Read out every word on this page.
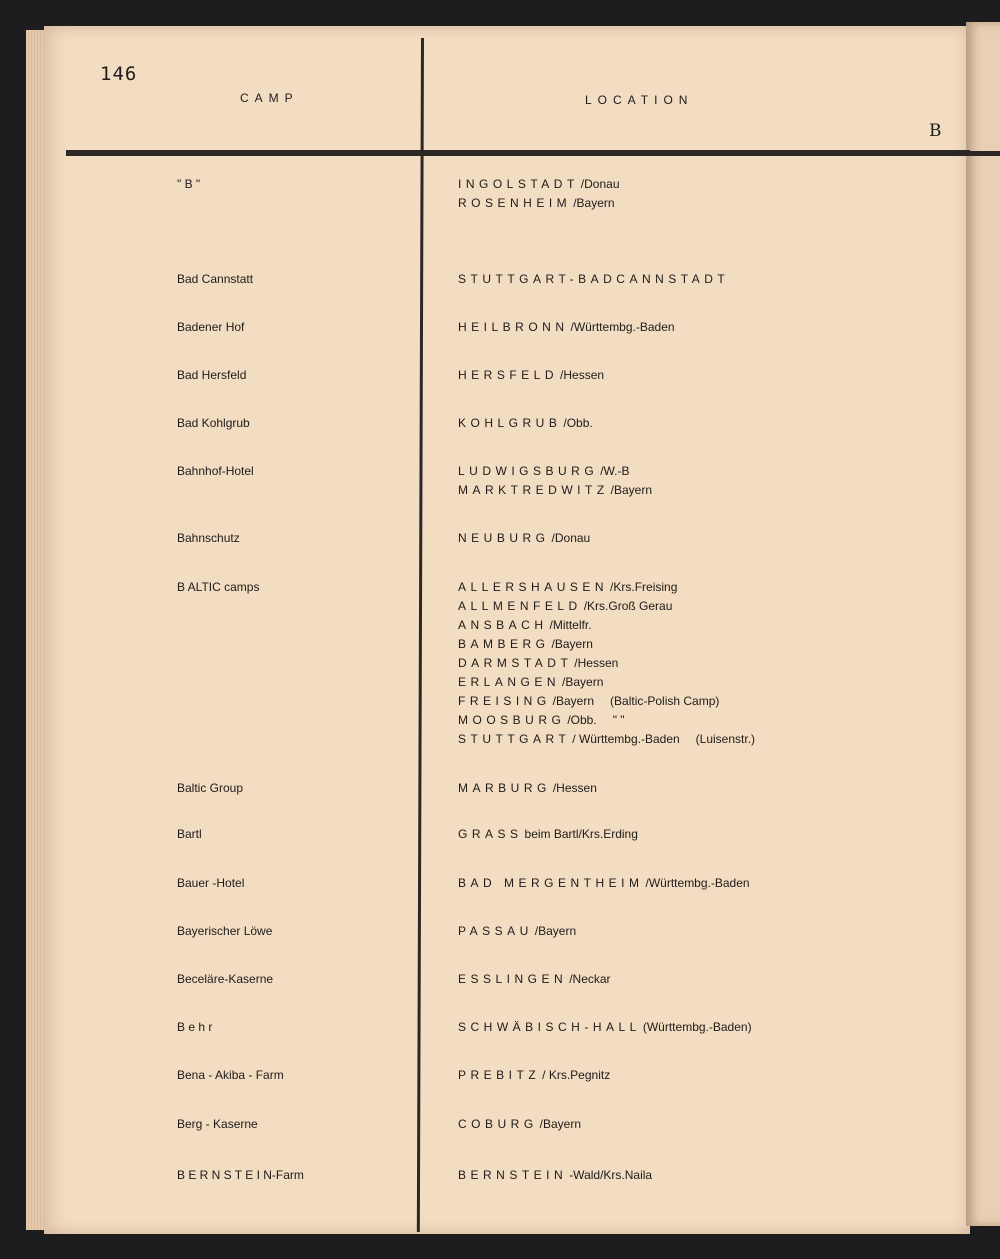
146
CAMP	LOCATION
B
" B "	INGOLSTADT /Donau
ROSENHEIM /Bayern
Bad Cannstatt	STUTTGART-BADCANNSTADT
Badener Hof	HEILBRONN /Württembg.-Baden
Bad Hersfeld	HERSFELD /Hessen
Bad Kohlgrub	KOHLGRUB /Obb.
Bahnhof-Hotel	LUDWIGSBURG /W.-B
MARKTREDWITZ /Bayern
Bahnschutz	NEUBURG /Donau
B ALTIC camps	ALLERSHAUSEN /Krs.Freising
ALLMENFELD /Krs.Groß Gerau
ANSBACH /Mittelfr.
BAMBERG /Bayern
DARMSTADT /Hessen
ERLANGEN /Bayern
FREISING /Bayern (Baltic-Polish Camp)
MOOSBURG /Obb. " "
STUTTGART / Württembg.-Baden (Luisenstr.)
Baltic Group	MARBURG /Hessen
Bartl	GRASS beim Bartl/Krs.Erding
Bauer -Hotel	BAD MERGENTHEIM /Württembg.-Baden
Bayerischer Löwe	PASSAU /Bayern
Beceläre-Kaserne	ESSLINGEN /Neckar
B e h r	SCHWÄBISCH-HALL (Württembg.-Baden)
Bena - Akiba - Farm	PREBITZ / Krs.Pegnitz
Berg - Kaserne	COBURG /Bayern
B E R N S T E I N-Farm	BERNSTEIN -Wald/Krs.Naila
